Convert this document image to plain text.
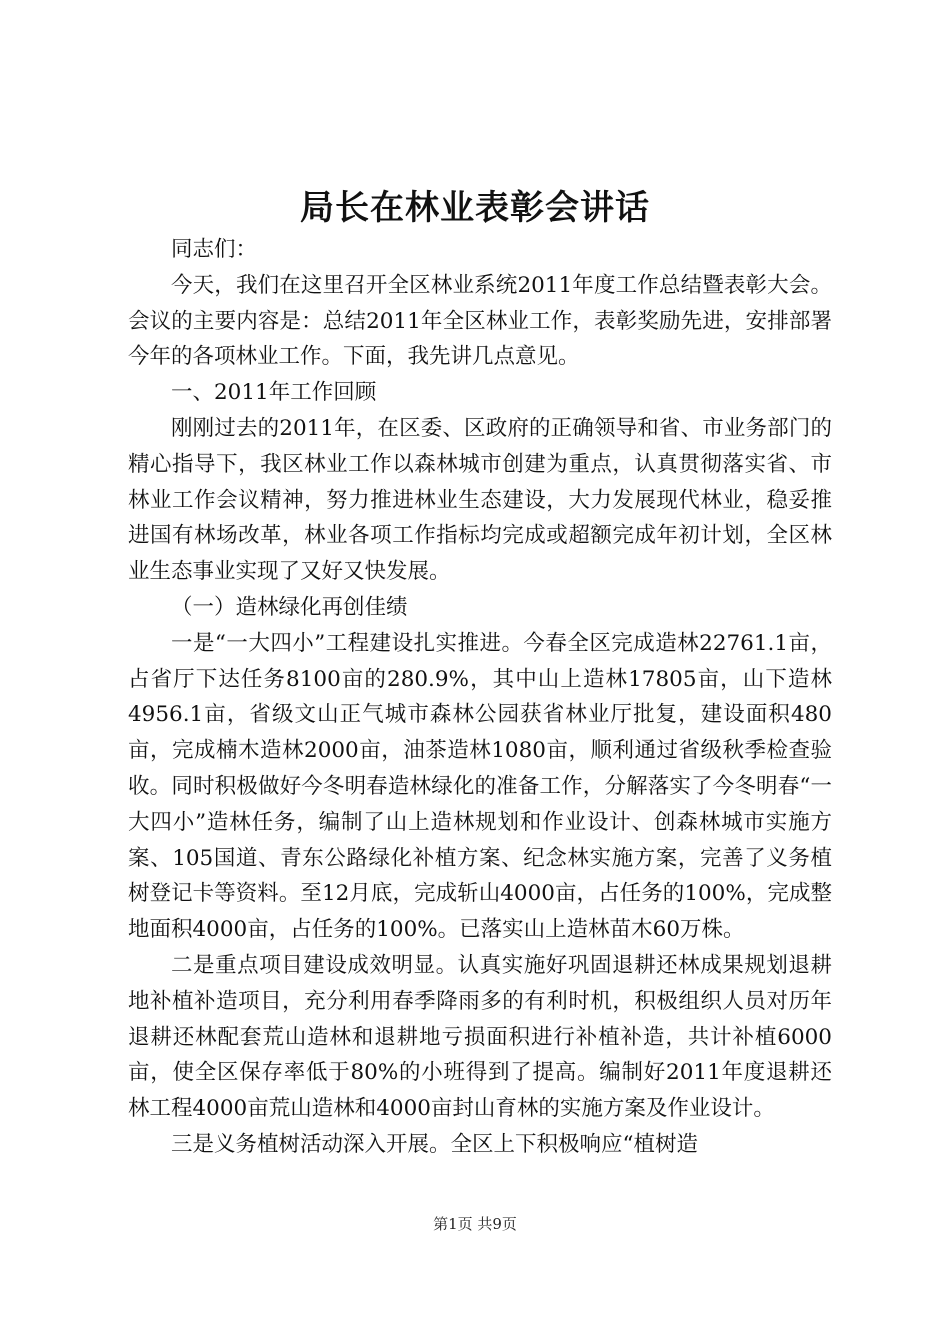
局长在林业表彰会讲话

同志们：

今天，我们在这里召开全区林业系统2011年度工作总结暨表彰大会。会议的主要内容是：总结2011年全区林业工作，表彰奖励先进，安排部署今年的各项林业工作。下面，我先讲几点意见。

一、2011年工作回顾

刚刚过去的2011年，在区委、区政府的正确领导和省、市业务部门的精心指导下，我区林业工作以森林城市创建为重点，认真贯彻落实省、市林业工作会议精神，努力推进林业生态建设，大力发展现代林业，稳妥推进国有林场改革，林业各项工作指标均完成或超额完成年初计划，全区林业生态事业实现了又好又快发展。

（一）造林绿化再创佳绩

一是“一大四小”工程建设扎实推进。今春全区完成造林22761.1亩，占省厅下达任务8100亩的280.9%，其中山上造林17805亩，山下造林4956.1亩，省级文山正气城市森林公园获省林业厅批复，建设面积480亩，完成楠木造林2000亩，油茶造林1080亩，顺利通过省级秋季检查验收。同时积极做好今冬明春造林绿化的准备工作，分解落实了今冬明春“一大四小”造林任务，编制了山上造林规划和作业设计、创森林城市实施方案、105国道、青东公路绿化补植方案、纪念林实施方案，完善了义务植树登记卡等资料。至12月底，完成斩山4000亩，占任务的100%，完成整地面积4000亩，占任务的100%。已落实山上造林苗木60万株。

二是重点项目建设成效明显。认真实施好巩固退耕还林成果规划退耕地补植补造项目，充分利用春季降雨多的有利时机，积极组织人员对历年退耕还林配套荒山造林和退耕地亏损面积进行补植补造，共计补植6000亩，使全区保存率低于80%的小班得到了提高。编制好2011年度退耕还林工程4000亩荒山造林和4000亩封山育林的实施方案及作业设计。

三是义务植树活动深入开展。全区上下积极响应“植树造

第1页 共9页
